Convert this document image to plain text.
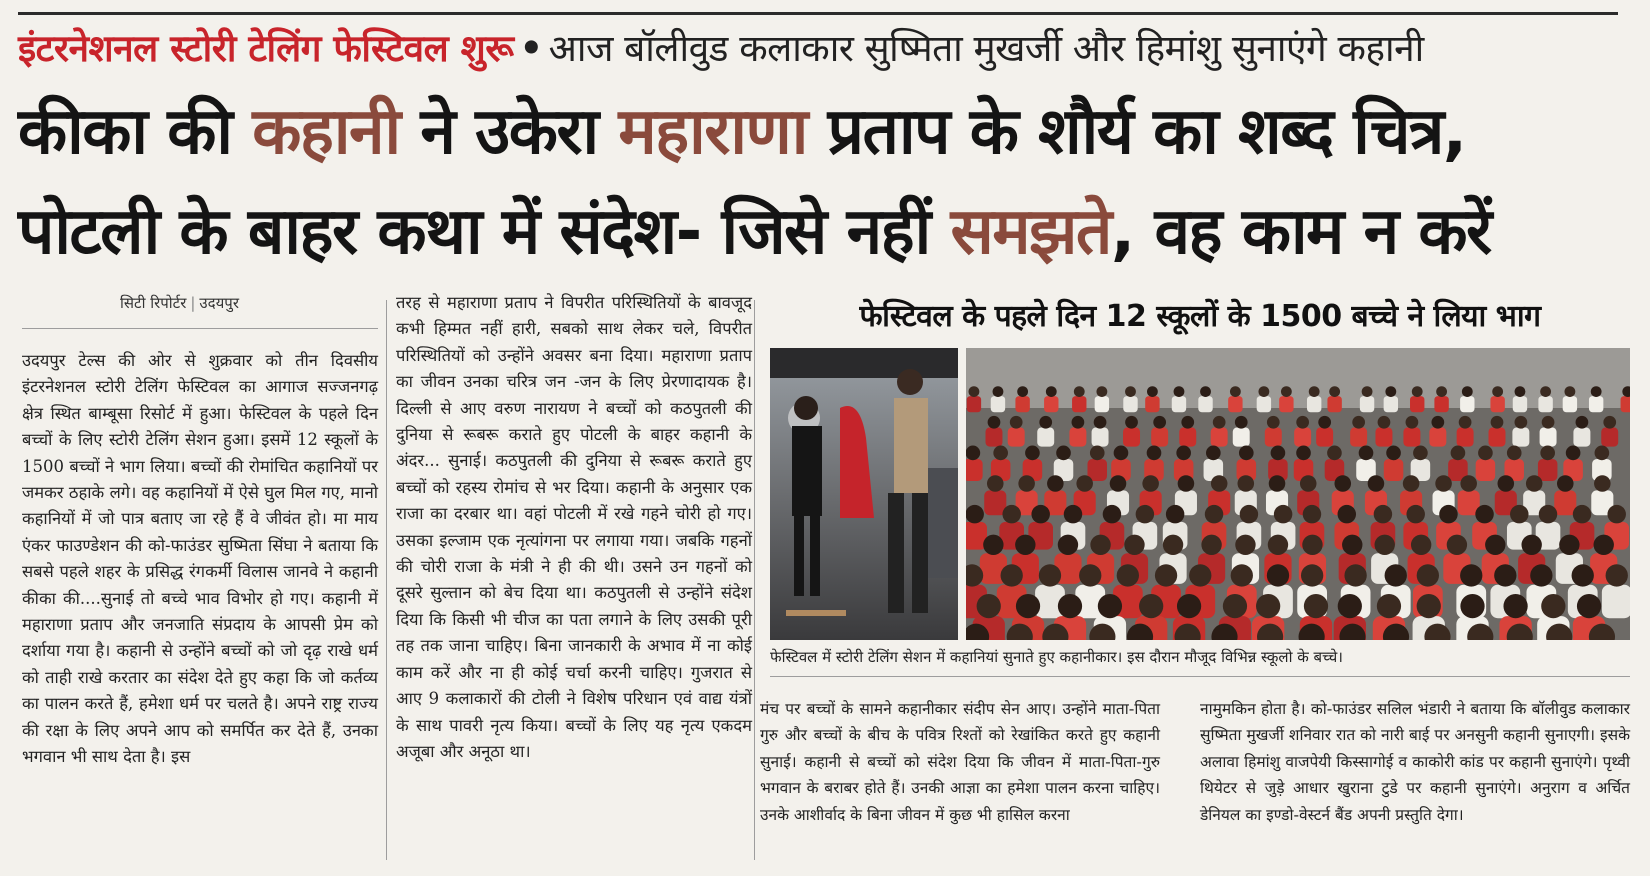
इंटरनेशनल स्टोरी टेलिंग फेस्टिवल शुरू • आज बॉलीवुड कलाकार सुष्मिता मुखर्जी और हिमांशु सुनाएंगे कहानी
कीका की कहानी ने उकेरा महाराणा प्रताप के शौर्य का शब्द चित्र,
पोटली के बाहर कथा में संदेश- जिसे नहीं समझते, वह काम न करें
सिटी रिपोर्टर | उदयपुर

उदयपुर टेल्स की ओर से शुक्रवार को तीन दिवसीय इंटरनेशनल स्टोरी टेलिंग फेस्टिवल का आगाज सज्जनगढ़ क्षेत्र स्थित बाम्बूसा रिसोर्ट में हुआ। फेस्टिवल के पहले दिन बच्चों के लिए स्टोरी टेलिंग सेशन हुआ। इसमें 12 स्कूलों के 1500 बच्चों ने भाग लिया। बच्चों की रोमांचित कहानियों पर जमकर ठहाके लगे। वह कहानियों में ऐसे घुल मिल गए, मानो कहानियों में जो पात्र बताए जा रहे हैं वे जीवंत हो। मा माय एंकर फाउण्डेशन की को-फाउंडर सुष्मिता सिंघा ने बताया कि सबसे पहले शहर के प्रसिद्ध रंगकर्मी विलास जानवे ने कहानी कीका की....सुनाई तो बच्चे भाव विभोर हो गए। कहानी में महाराणा प्रताप और जनजाति संप्रदाय के आपसी प्रेम को दर्शाया गया है। कहानी से उन्होंने बच्चों को जो दृढ़ राखे धर्म को ताही राखे करतार का संदेश देते हुए कहा कि जो कर्तव्य का पालन करते हैं, हमेशा धर्म पर चलते है। अपने राष्ट्र राज्य की रक्षा के लिए अपने आप को समर्पित कर देते हैं, उनका भगवान भी साथ देता है। इस

तरह से महाराणा प्रताप ने विपरीत परिस्थितियों के बावजूद कभी हिम्मत नहीं हारी, सबको साथ लेकर चले, विपरीत परिस्थितियों को उन्होंने अवसर बना दिया। महाराणा प्रताप का जीवन उनका चरित्र जन -जन के लिए प्रेरणादायक है। दिल्ली से आए वरुण नारायण ने बच्चों को कठपुतली की दुनिया से रूबरू कराते हुए पोटली के बाहर कहानी के अंदर... सुनाई। कठपुतली की दुनिया से रूबरू कराते हुए बच्चों को रहस्य रोमांच से भर दिया। कहानी के अनुसार एक राजा का दरबार था। वहां पोटली में रखे गहने चोरी हो गए। उसका इल्जाम एक नृत्यांगना पर लगाया गया। जबकि गहनों की चोरी राजा के मंत्री ने ही की थी। उसने उन गहनों को दूसरे सुल्तान को बेच दिया था। कठपुतली से उन्होंने संदेश दिया कि किसी भी चीज का पता लगाने के लिए उसकी पूरी तह तक जाना चाहिए। बिना जानकारी के अभाव में ना कोई काम करें और ना ही कोई चर्चा करनी चाहिए। गुजरात से आए 9 कलाकारों की टोली ने विशेष परिधान एवं वाद्य यंत्रों के साथ पावरी नृत्य किया। बच्चों के लिए यह नृत्य एकदम अजूबा और अनूठा था।

फेस्टिवल के पहले दिन 12 स्कूलों के 1500 बच्चे ने लिया भाग
फेस्टिवल में स्टोरी टेलिंग सेशन में कहानियां सुनाते हुए कहानीकार। इस दौरान मौजूद विभिन्न स्कूलो के बच्चे।

मंच पर बच्चों के सामने कहानीकार संदीप सेन आए। उन्होंने माता-पिता गुरु और बच्चों के बीच के पवित्र रिश्तों को रेखांकित करते हुए कहानी सुनाई। कहानी से बच्चों को संदेश दिया कि जीवन में माता-पिता-गुरु भगवान के बराबर होते हैं। उनकी आज्ञा का हमेशा पालन करना चाहिए। उनके आशीर्वाद के बिना जीवन में कुछ भी हासिल करना

नामुमकिन होता है। को-फाउंडर सलिल भंडारी ने बताया कि बॉलीवुड कलाकार सुष्मिता मुखर्जी शनिवार रात को नारी बाई पर अनसुनी कहानी सुनाएगी। इसके अलावा हिमांशु वाजपेयी किस्सागोई व काकोरी कांड पर कहानी सुनाएंगे। पृथ्वी थियेटर से जुड़े आधार खुराना टुडे पर कहानी सुनाएंगे। अनुराग व अर्चित डेनियल का इण्डो-वेस्टर्न बैंड अपनी प्रस्तुति देगा।
